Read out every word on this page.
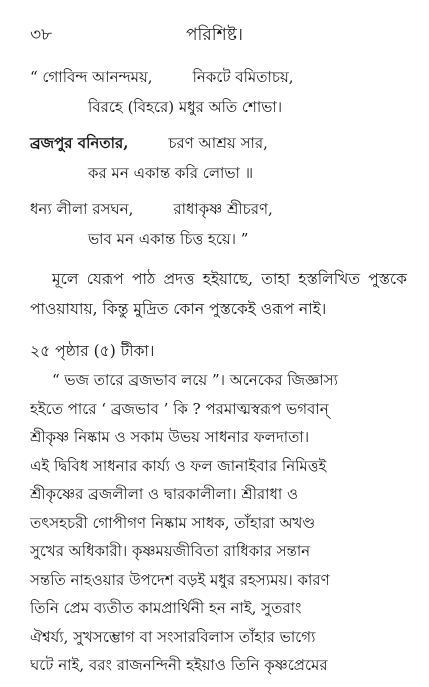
৩৮	পরিশিষ্ট।
“ গোবিন্দ আনন্দময়,	নিকটে বমিতাচয়,
বিরহে (বিহরে) মধুর অতি শোভা।
ব্রজপুর বনিতার,	চরণ আশ্রয় সার,
কর মন একান্ত করি লোভা ॥
ধন্য লীলা রসঘন,	রাধাকৃষ্ণ শ্রীচরণ,
ভাব মন একান্ত চিত্ত হয়ে। ”
মূলে যেরূপ পাঠ প্রদত্ত হইয়াছে, তাহা হস্তলিখিত পুস্তকে পাওয়াযায়, কিন্তু মুদ্রিত কোন পুস্তকেই ওরূপ নাই।
২৫ পৃষ্ঠার (৫) টীকা।
“ ভজ তারে ব্রজভাব লয়ে ”। অনেকের জিজ্ঞাস্য
হইতে পারে ‘ ব্রজভাব ’ কি ? পরমাত্মস্বরূপ ভগবান্
শ্রীকৃষ্ণ নিষ্কাম ও সকাম উভয় সাধনার ফলদাতা।
এই দ্বিবিধ সাধনার কার্য্য ও ফল জানাইবার নিমিত্তই
শ্রীকৃষ্ণের ব্রজলীলা ও দ্বারকালীলা। শ্রীরাধা ও
তৎসহচরী গোপীগণ নিষ্কাম সাধক, তাঁহারা অখণ্ড
সুখের অধিকারী। কৃষ্ণময়জীবিতা রাধিকার সন্তান
সন্ততি নাহওয়ার উপদেশ বড়ই মধুর রহস্যময়। কারণ
তিনি প্রেম ব্যতীত কামপ্রার্থিনী হন নাই, সুতরাং
ঐশ্বর্য্য, সুখসম্ভোগ বা সংসারবিলাস তাঁহার ভাগ্যে
ঘটে নাই, বরং রাজনন্দিনী হইয়াও তিনি কৃষ্ণপ্রেমের
